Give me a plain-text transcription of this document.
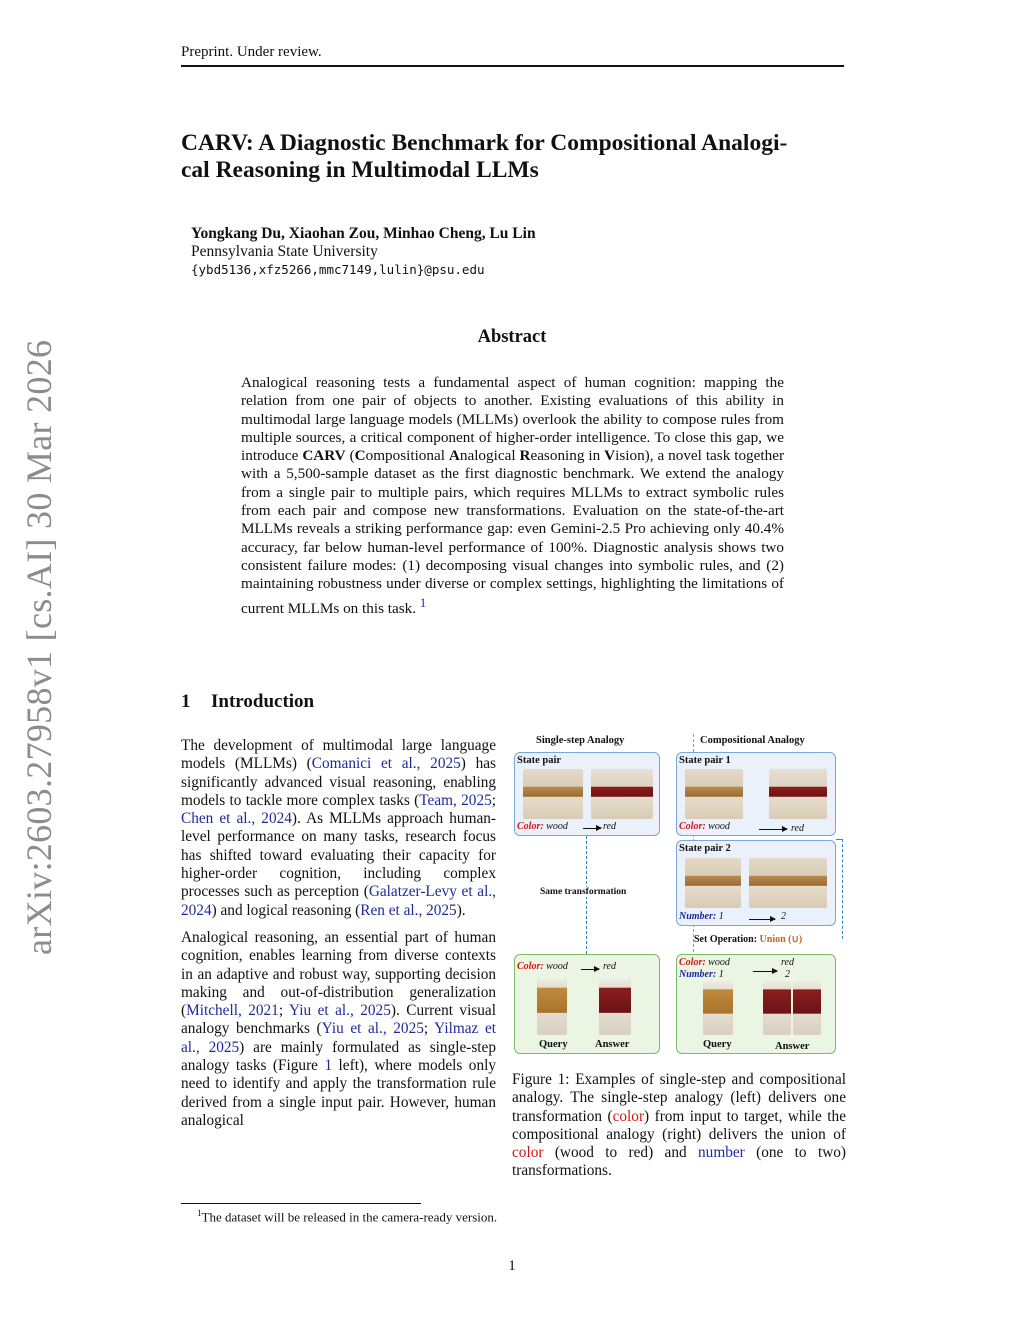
Preprint. Under review.
CARV: A Diagnostic Benchmark for Compositional Analogi-
cal Reasoning in Multimodal LLMs
Yongkang Du, Xiaohan Zou, Minhao Cheng, Lu Lin
Pennsylvania State University
{ybd5136,xfz5266,mmc7149,lulin}@psu.edu
arXiv:2603.27958v1 [cs.AI] 30 Mar 2026
Abstract
Analogical reasoning tests a fundamental aspect of human cognition: mapping the relation from one pair of objects to another. Existing evaluations of this ability in multimodal large language models (MLLMs) overlook the ability to compose rules from multiple sources, a critical component of higher-order intelligence. To close this gap, we introduce CARV (Compositional Analogical Reasoning in Vision), a novel task together with a 5,500-sample dataset as the first diagnostic benchmark. We extend the analogy from a single pair to multiple pairs, which requires MLLMs to extract symbolic rules from each pair and compose new transformations. Evaluation on the state-of-the-art MLLMs reveals a striking performance gap: even Gemini-2.5 Pro achieving only 40.4% accuracy, far below human-level performance of 100%. Diagnostic analysis shows two consistent failure modes: (1) decomposing visual changes into symbolic rules, and (2) maintaining robustness under diverse or complex settings, highlighting the limitations of current MLLMs on this task. $^1$
1 Introduction

The development of multimodal large language models (MLLMs) (Comanici et al., 2025) has significantly advanced visual reasoning, enabling models to tackle more complex tasks (Team, 2025; Chen et al., 2024). As MLLMs approach human-level performance on many tasks, research focus has shifted toward evaluating their capacity for higher-order cognition, including complex processes such as perception (Galatzer-Levy et al., 2024) and logical reasoning (Ren et al., 2025).

Analogical reasoning, an essential part of human cognition, enables learning from diverse contexts in an adaptive and robust way, supporting decision making and out-of-distribution generalization (Mitchell, 2021; Yiu et al., 2025). Current visual analogy benchmarks (Yiu et al., 2025; Yilmaz et al., 2025) are mainly formulated as single-step analogy tasks (Figure 1 left), where models only need to identify and apply the transformation rule derived from a single input pair. However, human analogical

Single-step Analogy	Compositional Analogy
State pair
Color: wood	red
Same transformation
Color: wood	red
Query	Answer
State pair 1
Color: wood	red
State pair 2
Number: 1	2
Set Operation: Union (∪)
Color: wood
Number: 1
red
2
Query	Answer
Figure 1: Examples of single-step and compositional analogy. The single-step analogy (left) delivers one transformation (color) from input to target, while the compositional analogy (right) delivers the union of color (wood to red) and number (one to two) transformations.
$^1$The dataset will be released in the camera-ready version.
1
